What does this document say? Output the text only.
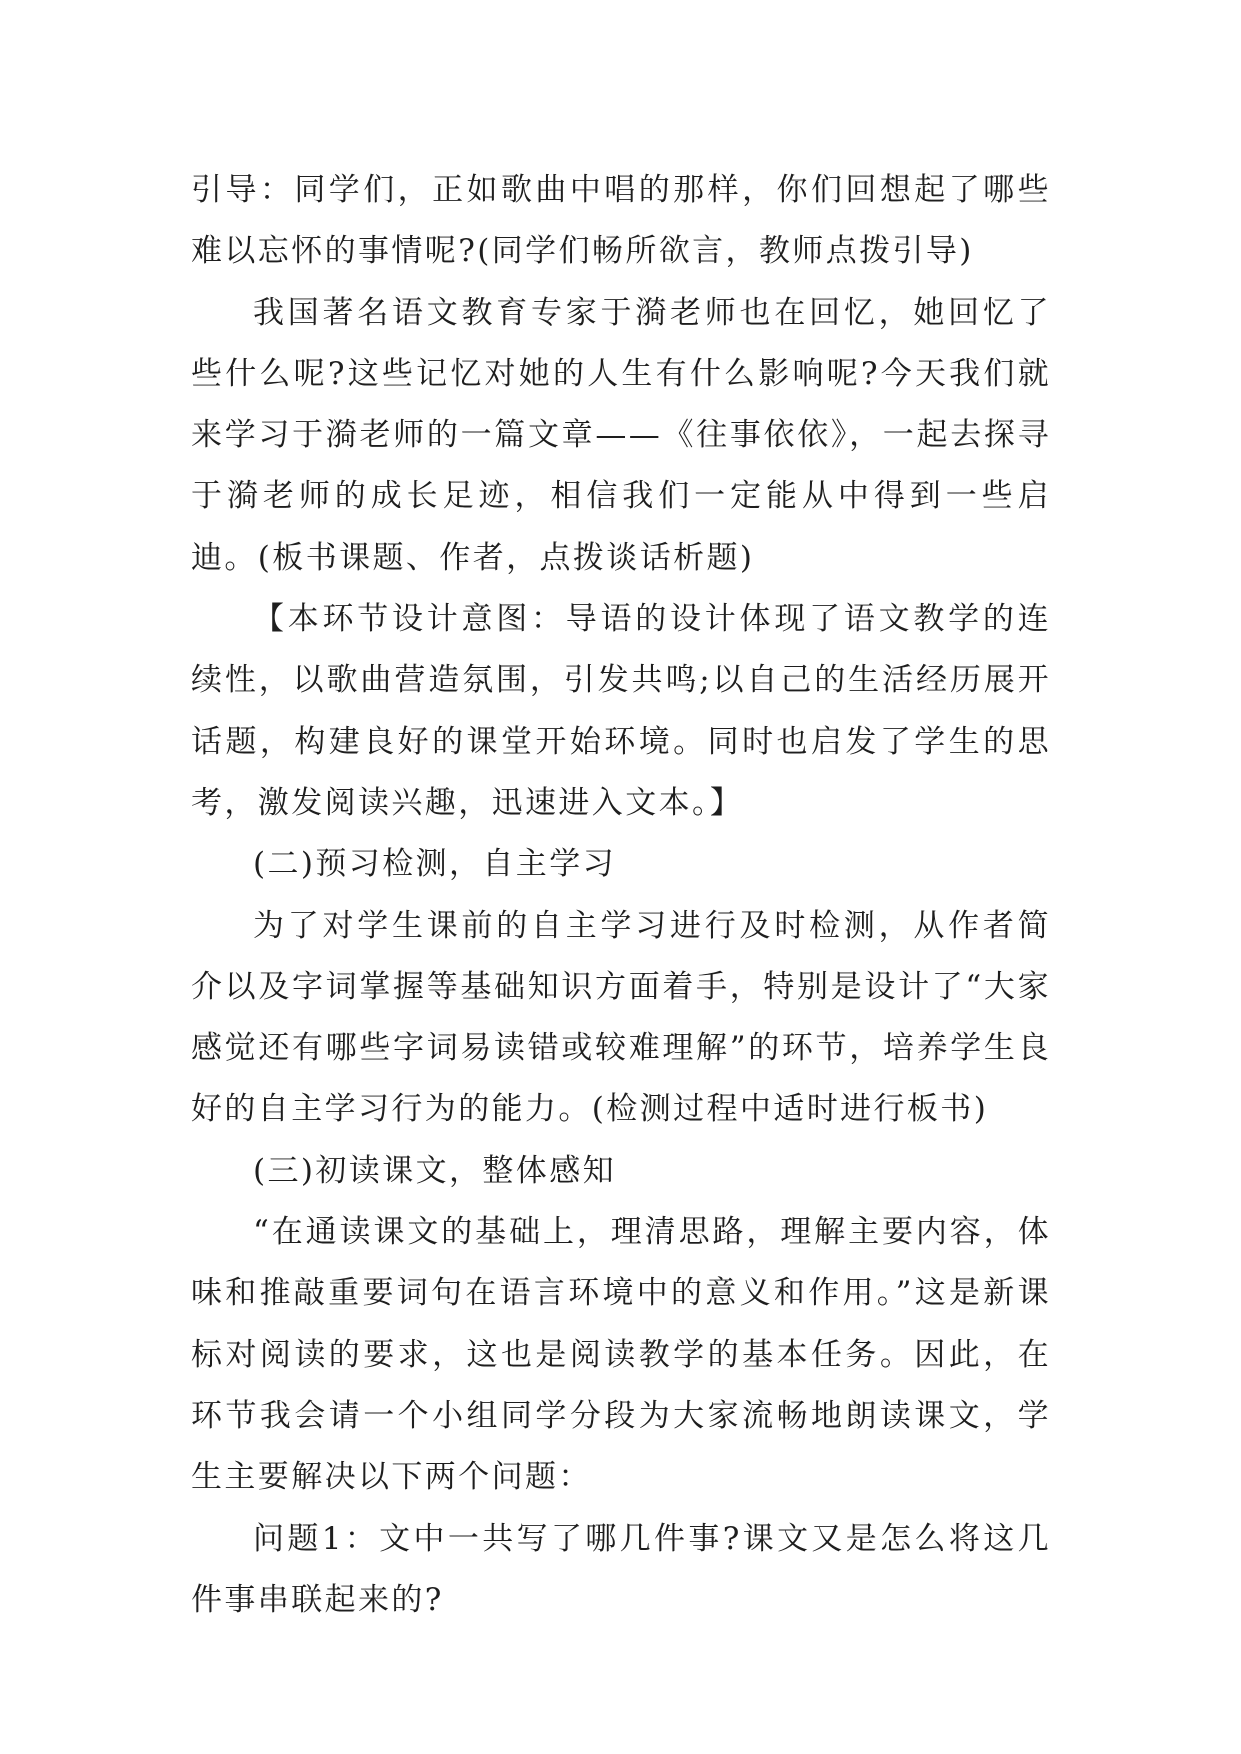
引导：同学们，正如歌曲中唱的那样，你们回想起了哪些难以忘怀的事情呢?(同学们畅所欲言，教师点拨引导)

我国著名语文教育专家于漪老师也在回忆，她回忆了些什么呢?这些记忆对她的人生有什么影响呢?今天我们就来学习于漪老师的一篇文章——《往事依依》，一起去探寻于漪老师的成长足迹，相信我们一定能从中得到一些启迪。(板书课题、作者，点拨谈话析题)

【本环节设计意图：导语的设计体现了语文教学的连续性，以歌曲营造氛围，引发共鸣;以自己的生活经历展开话题，构建良好的课堂开始环境。同时也启发了学生的思考，激发阅读兴趣，迅速进入文本。】

(二)预习检测，自主学习

为了对学生课前的自主学习进行及时检测，从作者简介以及字词掌握等基础知识方面着手，特别是设计了“大家感觉还有哪些字词易读错或较难理解”的环节，培养学生良好的自主学习行为的能力。(检测过程中适时进行板书)

(三)初读课文，整体感知

“在通读课文的基础上，理清思路，理解主要内容，体味和推敲重要词句在语言环境中的意义和作用。”这是新课标对阅读的要求，这也是阅读教学的基本任务。因此，在环节我会请一个小组同学分段为大家流畅地朗读课文，学生主要解决以下两个问题：

问题1：文中一共写了哪几件事?课文又是怎么将这几件事串联起来的?
